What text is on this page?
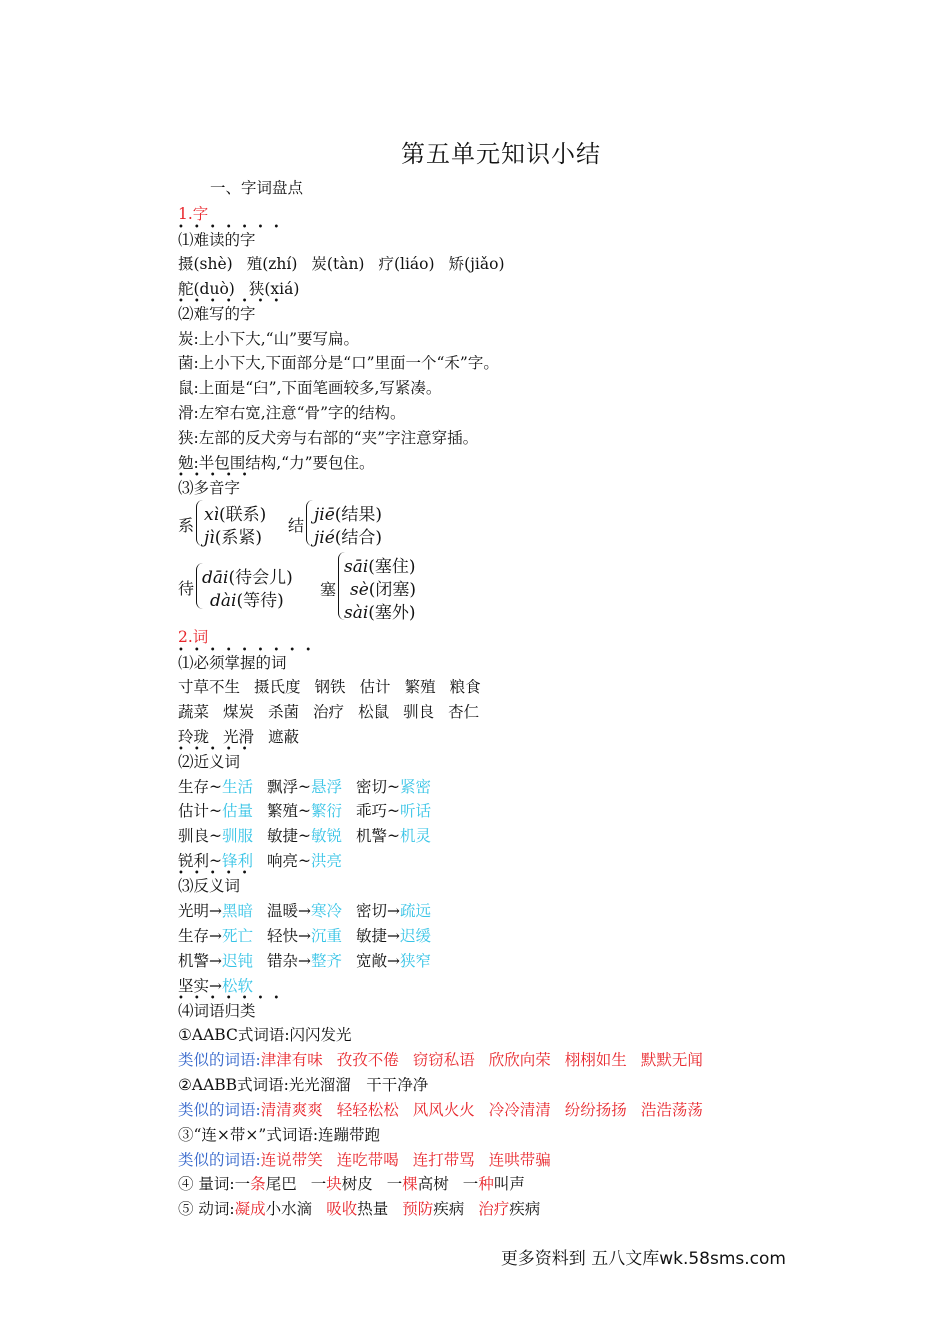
第五单元知识小结
一、字词盘点
1.字
•••••••
⑴难读的字
摄(shè) 殖(zhí) 炭(tàn) 疗(liáo) 矫(jiǎo)
舵(duò) 狭(xiá)
•••••••
⑵难写的字
炭:上小下大,“山”要写扁。
菌:上小下大,下面部分是“口”里面一个“禾”字。
鼠:上面是“臼”,下面笔画较多,写紧凑。
滑:左窄右宽,注意“骨”字的结构。
狭:左部的反犬旁与右部的“夹”字注意穿插。
勉:半包围结构,“力”要包住。
•••••
⑶多音字
系
xì(联系)
jì(系紧)
结
jiē(结果)
jié(结合)
待
dāi(待会儿)
dài(等待)
塞
sāi(塞住)
sè(闭塞)
sài(塞外)
2.词
•••••••••
⑴必须掌握的词
寸草不生 摄氏度 钢铁 估计 繁殖 粮食
蔬菜 煤炭 杀菌 治疗 松鼠 驯良 杏仁
玲珑 光滑 遮蔽
•••••
⑵近义词
生存~生活 飘浮~悬浮 密切~紧密
估计~估量 繁殖~繁衍 乖巧~听话
驯良~驯服 敏捷~敏锐 机警~机灵
锐利~锋利 响亮~洪亮
•••••
⑶反义词
光明→黑暗 温暖→寒冷 密切→疏远
生存→死亡 轻快→沉重 敏捷→迟缓
机警→迟钝 错杂→整齐 宽敞→狭窄
坚实→松软
•••••••
⑷词语归类
①AABC式词语:闪闪发光
类似的词语:津津有味 孜孜不倦 窃窃私语 欣欣向荣 栩栩如生 默默无闻
②AABB式词语:光光溜溜　干干净净
类似的词语:清清爽爽 轻轻松松 风风火火 冷冷清清 纷纷扬扬 浩浩荡荡
③“连×带×”式词语:连蹦带跑
类似的词语:连说带笑 连吃带喝 连打带骂 连哄带骗
④ 量词:一条尾巴 一块树皮 一棵高树 一种叫声
⑤ 动词:凝成小水滴 吸收热量 预防疾病 治疗疾病
更多资料到 五八文库wk.58sms.com
